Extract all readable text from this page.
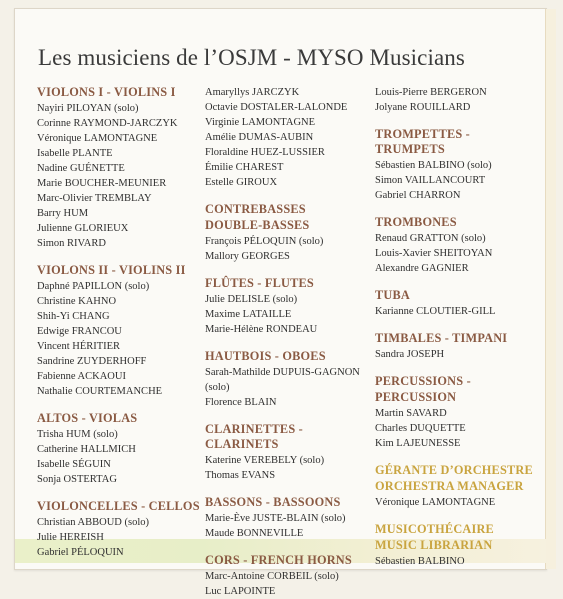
Les musiciens de l’OSJM - MYSO Musicians
VIOLONS I - VIOLINS I
Nayiri PILOYAN (solo)
Corinne RAYMOND-JARCZYK
Véronique LAMONTAGNE
Isabelle PLANTE
Nadine GUÉNETTE
Marie BOUCHER-MEUNIER
Marc-Olivier TREMBLAY
Barry HUM
Julienne GLORIEUX
Simon RIVARD
VIOLONS II - VIOLINS II
Daphné PAPILLON (solo)
Christine KAHNO
Shih-Yi CHANG
Edwige FRANCOU
Vincent HÉRITIER
Sandrine ZUYDERHOFF
Fabienne ACKAOUI
Nathalie COURTEMANCHE
ALTOS - VIOLAS
Trisha HUM (solo)
Catherine HALLMICH
Isabelle SÉGUIN
Sonja OSTERTAG
VIOLONCELLES - CELLOS
Christian ABBOUD (solo)
Julie HEREISH
Gabriel PÉLOQUIN
Amaryllys JARCZYK
Octavie DOSTALER-LALONDE
Virginie LAMONTAGNE
Amélie DUMAS-AUBIN
Floraldine HUEZ-LUSSIER
Émilie CHAREST
Estelle GIROUX
CONTREBASSES
DOUBLE-BASSES
François PÉLOQUIN (solo)
Mallory GEORGES
FLÛTES - FLUTES
Julie DELISLE (solo)
Maxime LATAILLE
Marie-Hélène RONDEAU
HAUTBOIS - OBOES
Sarah-Mathilde DUPUIS-GAGNON
(solo)
Florence BLAIN
CLARINETTES - CLARINETS
Katerine VEREBELY (solo)
Thomas EVANS
BASSONS - BASSOONS
Marie-Ève JUSTE-BLAIN (solo)
Maude BONNEVILLE
CORS - FRENCH HORNS
Marc-Antoine CORBEIL (solo)
Luc LAPOINTE
Louis-Pierre BERGERON
Jolyane ROUILLARD
TROMPETTES - TRUMPETS
Sébastien BALBINO (solo)
Simon VAILLANCOURT
Gabriel CHARRON
TROMBONES
Renaud GRATTON (solo)
Louis-Xavier SHEITOYAN
Alexandre GAGNIER
TUBA
Karianne CLOUTIER-GILL
TIMBALES - TIMPANI
Sandra JOSEPH
PERCUSSIONS -
PERCUSSION
Martin SAVARD
Charles DUQUETTE
Kim LAJEUNESSE
GÉRANTE D’ORCHESTRE
ORCHESTRA MANAGER
Véronique LAMONTAGNE
MUSICOTHÉCAIRE
MUSIC LIBRARIAN
Sébastien BALBINO
